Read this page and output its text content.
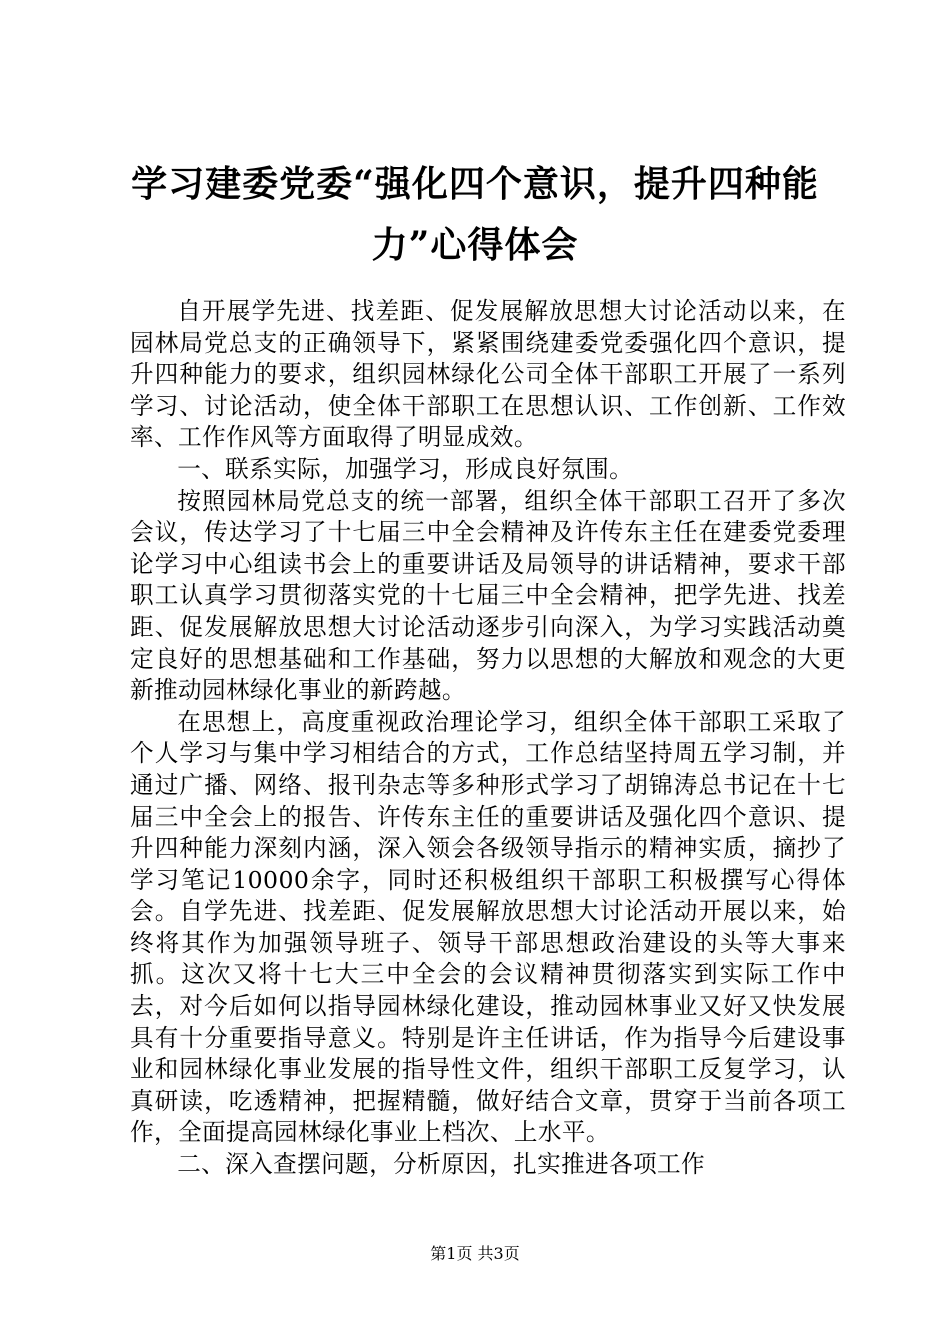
学习建委党委“强化四个意识，提升四种能
力”心得体会

自开展学先进、找差距、促发展解放思想大讨论活动以来，在园林局党总支的正确领导下，紧紧围绕建委党委强化四个意识，提升四种能力的要求，组织园林绿化公司全体干部职工开展了一系列学习、讨论活动，使全体干部职工在思想认识、工作创新、工作效率、工作作风等方面取得了明显成效。

一、联系实际，加强学习，形成良好氛围。

按照园林局党总支的统一部署，组织全体干部职工召开了多次会议，传达学习了十七届三中全会精神及许传东主任在建委党委理论学习中心组读书会上的重要讲话及局领导的讲话精神，要求干部职工认真学习贯彻落实党的十七届三中全会精神，把学先进、找差距、促发展解放思想大讨论活动逐步引向深入，为学习实践活动奠定良好的思想基础和工作基础，努力以思想的大解放和观念的大更新推动园林绿化事业的新跨越。

在思想上，高度重视政治理论学习，组织全体干部职工采取了个人学习与集中学习相结合的方式，工作总结坚持周五学习制，并通过广播、网络、报刊杂志等多种形式学习了胡锦涛总书记在十七届三中全会上的报告、许传东主任的重要讲话及强化四个意识、提升四种能力深刻内涵，深入领会各级领导指示的精神实质，摘抄了学习笔记10000余字，同时还积极组织干部职工积极撰写心得体会。自学先进、找差距、促发展解放思想大讨论活动开展以来，始终将其作为加强领导班子、领导干部思想政治建设的头等大事来抓。这次又将十七大三中全会的会议精神贯彻落实到实际工作中去，对今后如何以指导园林绿化建设，推动园林事业又好又快发展具有十分重要指导意义。特别是许主任讲话，作为指导今后建设事业和园林绿化事业发展的指导性文件，组织干部职工反复学习，认真研读，吃透精神，把握精髓，做好结合文章，贯穿于当前各项工作，全面提高园林绿化事业上档次、上水平。

二、深入查摆问题，分析原因，扎实推进各项工作

第1页 共3页
